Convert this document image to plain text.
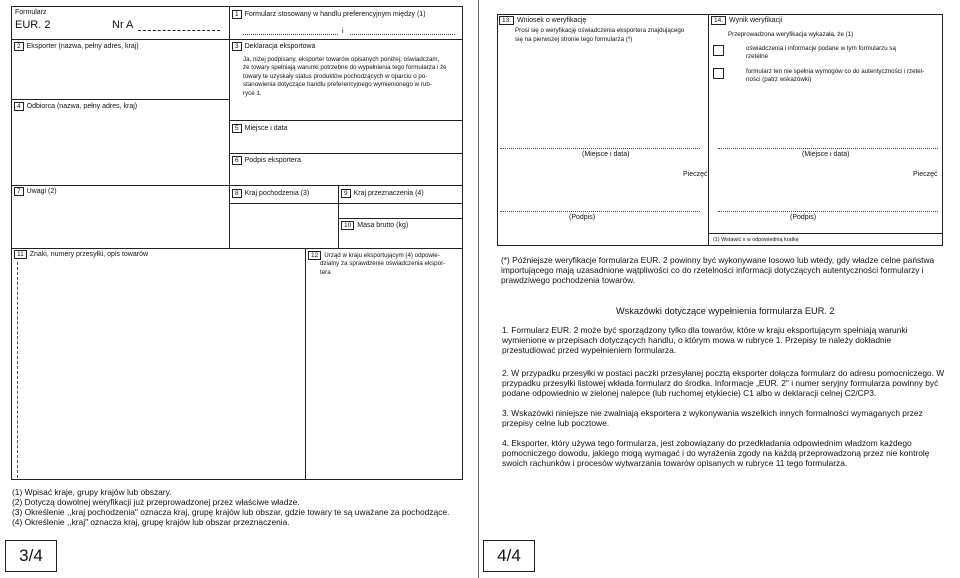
Formularz
EUR. 2	Nr A
1 Formularz stosowany w handlu preferencyjnym między (1)
i
2 Eksporter (nazwa, pełny adres, kraj)	3 Deklaracja eksportowa
Ja, niżej podpisany, eksporter towarów opisanych poniżej, oświadczam,
że towary spełniają warunki potrzebne do wypełnienia tego formularza i że
towary te uzyskały status produktów pochodzących w oparciu o po-
stanowienia dotyczące handlu preferencyjnego wymienionego w rub-
ryce 1.
4 Odbiorca (nazwa, pełny adres, kraj)
5 Miejsce i data
6 Podpis eksportera
7 Uwagi (2)	8 Kraj pochodzenia (3)	9 Kraj przeznaczenia (4)
10 Masa brutto (kg)
11 Znaki, numery przesyłki, opis towarów	12 Urząd w kraju eksportującym (4) odpowie-
dzialny za sprawdzenie oświadczenia ekspor-
tera
(1) Wpisać kraje, grupy krajów lub obszary.
(2) Dotyczą dowolnej weryfikacji już przeprowadzonej przez właściwe władze.
(3) Określenie ,,kraj pochodzenia" oznacza kraj, grupę krajów lub obszar, gdzie towary te są uważane za pochodzące.
(4) Określenie ,,kraj" oznacza kraj, grupę krajów lub obszar przeznaczenia.
3/4
13. Wniosek o weryfikację
Prosi się o weryfikację oświadczenia eksportera znajdującego
się na pierwszej stronie tego formularza (*)
14. Wynik weryfikacji
Przeprowadzona weryfikacja wykazała, że (1)
oświadczenia i informacje podane w tym formularzu są
rzetelne
formularz ten nie spełnia wymogów co do autentyczności i rzetel-
ności (patrz wskazówki)
(Miejsce i data)	(Miejsce i data)
Pieczęć	Pieczęć
(Podpis)	(Podpis)
(1) Wstawić x w odpowiednią kratkę
(*) Późniejsze weryfikacje formularza EUR. 2 powinny być wykonywane losowo lub wtedy, gdy władze celne państwa importującego mają uzasadnione wątpliwości co do rzetelności informacji dotyczących autentyczności formularzy i prawdziwego pochodzenia towarów.
Wskazówki dotyczące wypełnienia formularza EUR. 2
1. Formularz EUR. 2 może być sporządzony tylko dla towarów, które w kraju eksportującym spełniają warunki wymienione w przepisach dotyczących handlu, o którym mowa w rubryce 1. Przepisy te należy dokładnie przestudiować przed wypełnieniem formularza.
2. W przypadku przesyłki w postaci paczki przesyłanej pocztą eksporter dołącza formularz do adresu pomocniczego. W przypadku przesyłki listowej wkłada formularz do środka. Informacje „EUR. 2" i numer seryjny formularza powinny być podane odpowiednio w zielonej nalepce (lub ruchomej etykiecie) C1 albo w deklaracji celnej C2/CP3.
3. Wskazówki niniejsze nie zwalniają eksportera z wykonywania wszelkich innych formalności wymaganych przez przepisy celne lub pocztowe.
4. Eksporter, który używa tego formularza, jest zobowiązany do przedkładania odpowiednim władzom każdego pomocniczego dowodu, jakiego mogą wymagać i do wyrażenia zgody na każdą przeprowadzoną przez nie kontrolę swoich rachunków i procesów wytwarzania towarów opisanych w rubryce 11 tego formularza.
4/4
